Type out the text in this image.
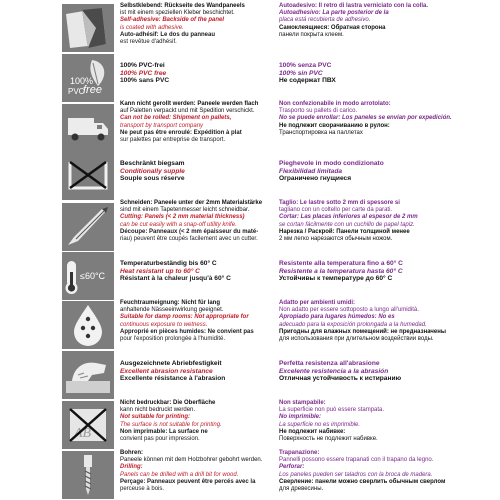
Selbstklebend: Rückseite des Wandpaneels
ist mit einem speziellen Kleber beschichtet.
Self-adhesive: Backside of the panel
is coated with adhesive.
Auto-adhésif: Le dos du panneau
est revêtue d'adhésif.
Autoadesivo: Il retro di lastra verniciato con la colla.
Autoadhesivo: La parte posterior de la
placa está recubierta de adhesivo.
Самоклеящиеся: Обратная сторона
панели покрыта клеем.
100%
PVC
free
100% PVC-frei
100% PVC free
100% sans PVC
100% senza PVC
100% sin PVC
Не содержат ПВХ
Kann nicht gerollt werden: Paneele werden flach
auf Paletten verpackt und mit Spedition verschickt.
Can not be rolled: Shipment on pallets,
transport by transport company
Ne peut pas être enroulé: Expédition à plat
sur palettes par entreprise de transport.
Non confezionabile in modo arrotolato:
Trasporto su pallets di carico.
No se puede enrollar: Los paneles se envían por expedición.
Не подлежит сворачиванию в рулон:
Транспортировка на паллетах
Beschränkt biegsam
Conditionally supple
Souple sous réserve
Pieghevole in modo condizionato
Flexibilidad limitada
Ограничено гнущиеся
Schneiden: Paneele unter der 2mm Materialstärke
sind mit einem Tapetenmesser leicht schneidbar.
Cutting: Panels (< 2 mm material thickness)
can be cut easily with a snap-off utility knife.
Découpe: Panneaux (< 2 mm épaisseur du maté-
riau) peuvent être coupés facilement avec un cutter.
Taglio: Le lastre sotto 2 mm di spessore si
tagliano con un coltello per carte da parati.
Cortar: Las placas inferiores al espesor de 2 mm
se cortan fácilmente con un cuchillo de papel tapiz.
Нарезка / Раскрой: Панели толщиной менее
2 мм легко нарезаются обычным ножом.
≤60°C
Temperaturbeständig bis 60° C
Heat resistant up to 60° C
Résistant à la chaleur jusqu'à 60° C
Resistente alla temperatura fino a 60° C
Resistente a la temperatura hasta 60° C
Устойчивы к температуре до 60° C
Feuchtraumeignung: Nicht für lang
anhaltende Nässeeinwirkung geeignet.
Suitable for damp rooms: Not appropriate for
continuous exposure to wetness.
Approprié en pièces humides: Ne convient pas
pour l'exposition prolongée à l'humidité.
Adatto per ambienti umidi:
Non adatto per essere sottoposto a lungo all'umidità.
Apropiado para lugares húmedos: No es
adecuado para la exposición prolongada a la humedad.
Пригодны для влажных помещений: не предназначены
для использования при длительном воздействии воды.
Ausgezeichnete Abriebfestigkeit
Excellent abrasion resistance
Excellente résistance à l'abrasion
Perfetta resistenza all'abrasione
Excelente resistencia a la abrasión
Отличная устойчивость к истиранию
AB
Nicht bedruckbar: Die Oberfläche
kann nicht bedruckt werden.
Not suitable for printing:
The surface is not suitable for printing.
Non imprimable: La surface ne
convient pas pour impression.
Non stampabile:
La superficie non può essere stampata.
No imprimible:
La superficie no es imprimible.
Не подлежит набивке:
Поверхность не подлежит набивке.
Bohren:
Paneele können mit dem Holzbohrer gebohrt werden.
Drilling:
Panels can be drilled with a drill bit for wood.
Perçage: Panneaux peuvent être percés avec la
perceuse à bois.
Trapanazione:
Pannelli possono essere trapanati con il trapano da legno.
Perforar:
Los paneles pueden ser taladros con la broca de madera.
Сверление: панели можно сверлить обычным сверлом
для древесины.
